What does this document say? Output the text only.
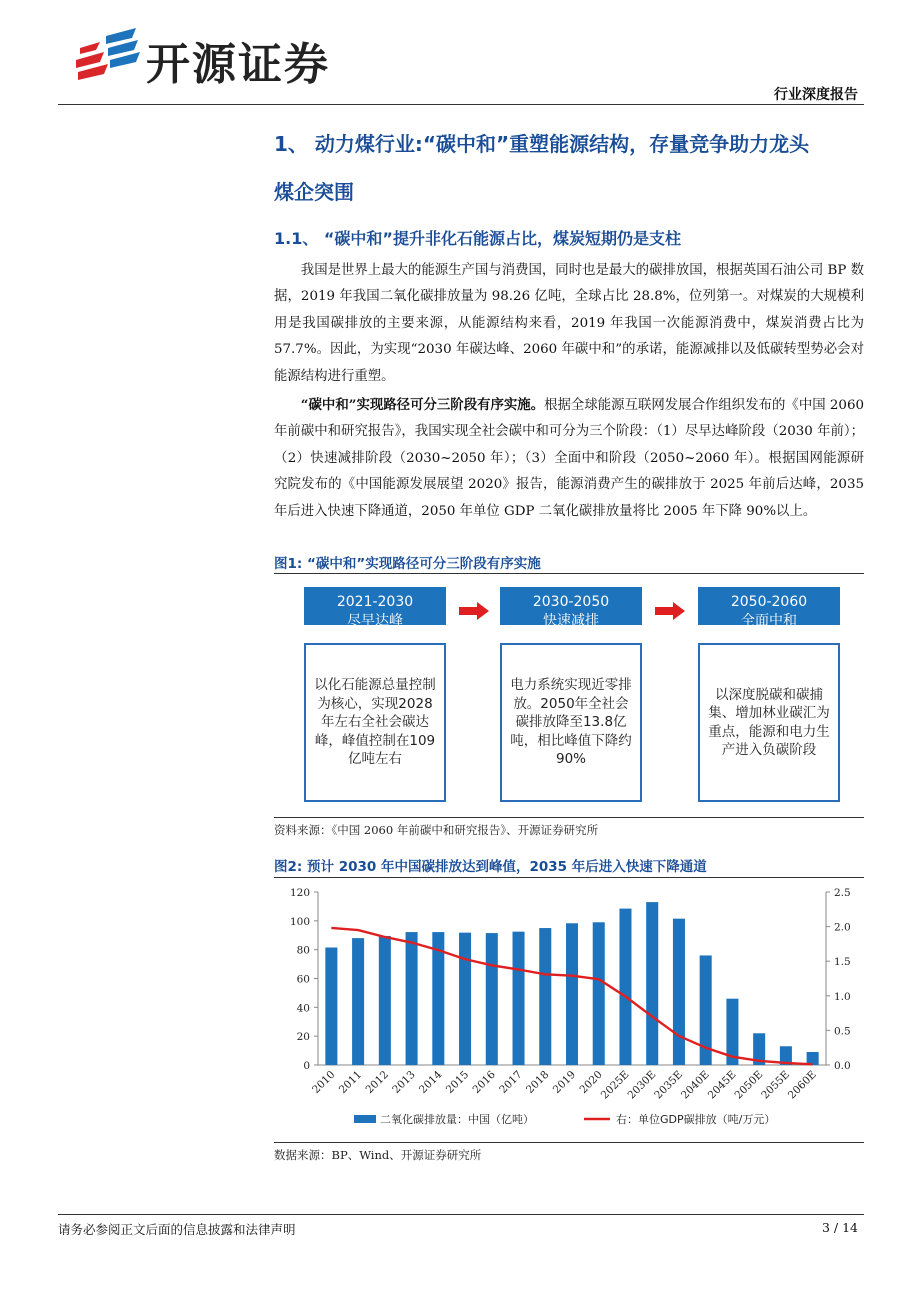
开源证券
行业深度报告
1、 动力煤行业:“碳中和”重塑能源结构，存量竞争助力龙头
煤企突围
1.1、 “碳中和”提升非化石能源占比，煤炭短期仍是支柱
我国是世界上最大的能源生产国与消费国，同时也是最大的碳排放国，根据英国石油公司 BP 数据，2019 年我国二氧化碳排放量为 98.26 亿吨，全球占比 28.8%，位列第一。对煤炭的大规模利用是我国碳排放的主要来源，从能源结构来看，2019 年我国一次能源消费中，煤炭消费占比为 57.7%。因此，为实现“2030 年碳达峰、2060 年碳中和”的承诺，能源减排以及低碳转型势必会对能源结构进行重塑。
“碳中和”实现路径可分三阶段有序实施。根据全球能源互联网发展合作组织发布的《中国 2060 年前碳中和研究报告》，我国实现全社会碳中和可分为三个阶段：（1）尽早达峰阶段（2030 年前）；（2）快速减排阶段（2030~2050 年）；（3）全面中和阶段（2050~2060 年）。根据国网能源研究院发布的《中国能源发展展望 2020》报告，能源消费产生的碳排放于 2025 年前后达峰，2035 年后进入快速下降通道，2050 年单位 GDP 二氧化碳排放量将比 2005 年下降 90%以上。
图1: “碳中和”实现路径可分三阶段有序实施
2021-2030
尽早达峰
以化石能源总量控制为核心，实现2028年左右全社会碳达峰，峰值控制在109亿吨左右
2030-2050
快速减排
电力系统实现近零排放。2050年全社会碳排放降至13.8亿吨，相比峰值下降约90%
2050-2060
全面中和
以深度脱碳和碳捕集、增加林业碳汇为重点，能源和电力生产进入负碳阶段
资料来源：《中国 2060 年前碳中和研究报告》、开源证券研究所
图2: 预计 2030 年中国碳排放达到峰值，2035 年后进入快速下降通道
0
20
40
60
80
100
120
0.0
0.5
1.0
1.5
2.0
2.5
2010 2011 2012 2013 2014 2015 2016 2017 2018 2019 2020
2025E
2030E
2035E
2040E
2045E
2050E
2055E
2060E
二氧化碳排放量：中国（亿吨）	右：单位GDP碳排放（吨/万元）
数据来源：BP、Wind、开源证券研究所
请务必参阅正文后面的信息披露和法律声明	3 / 14
